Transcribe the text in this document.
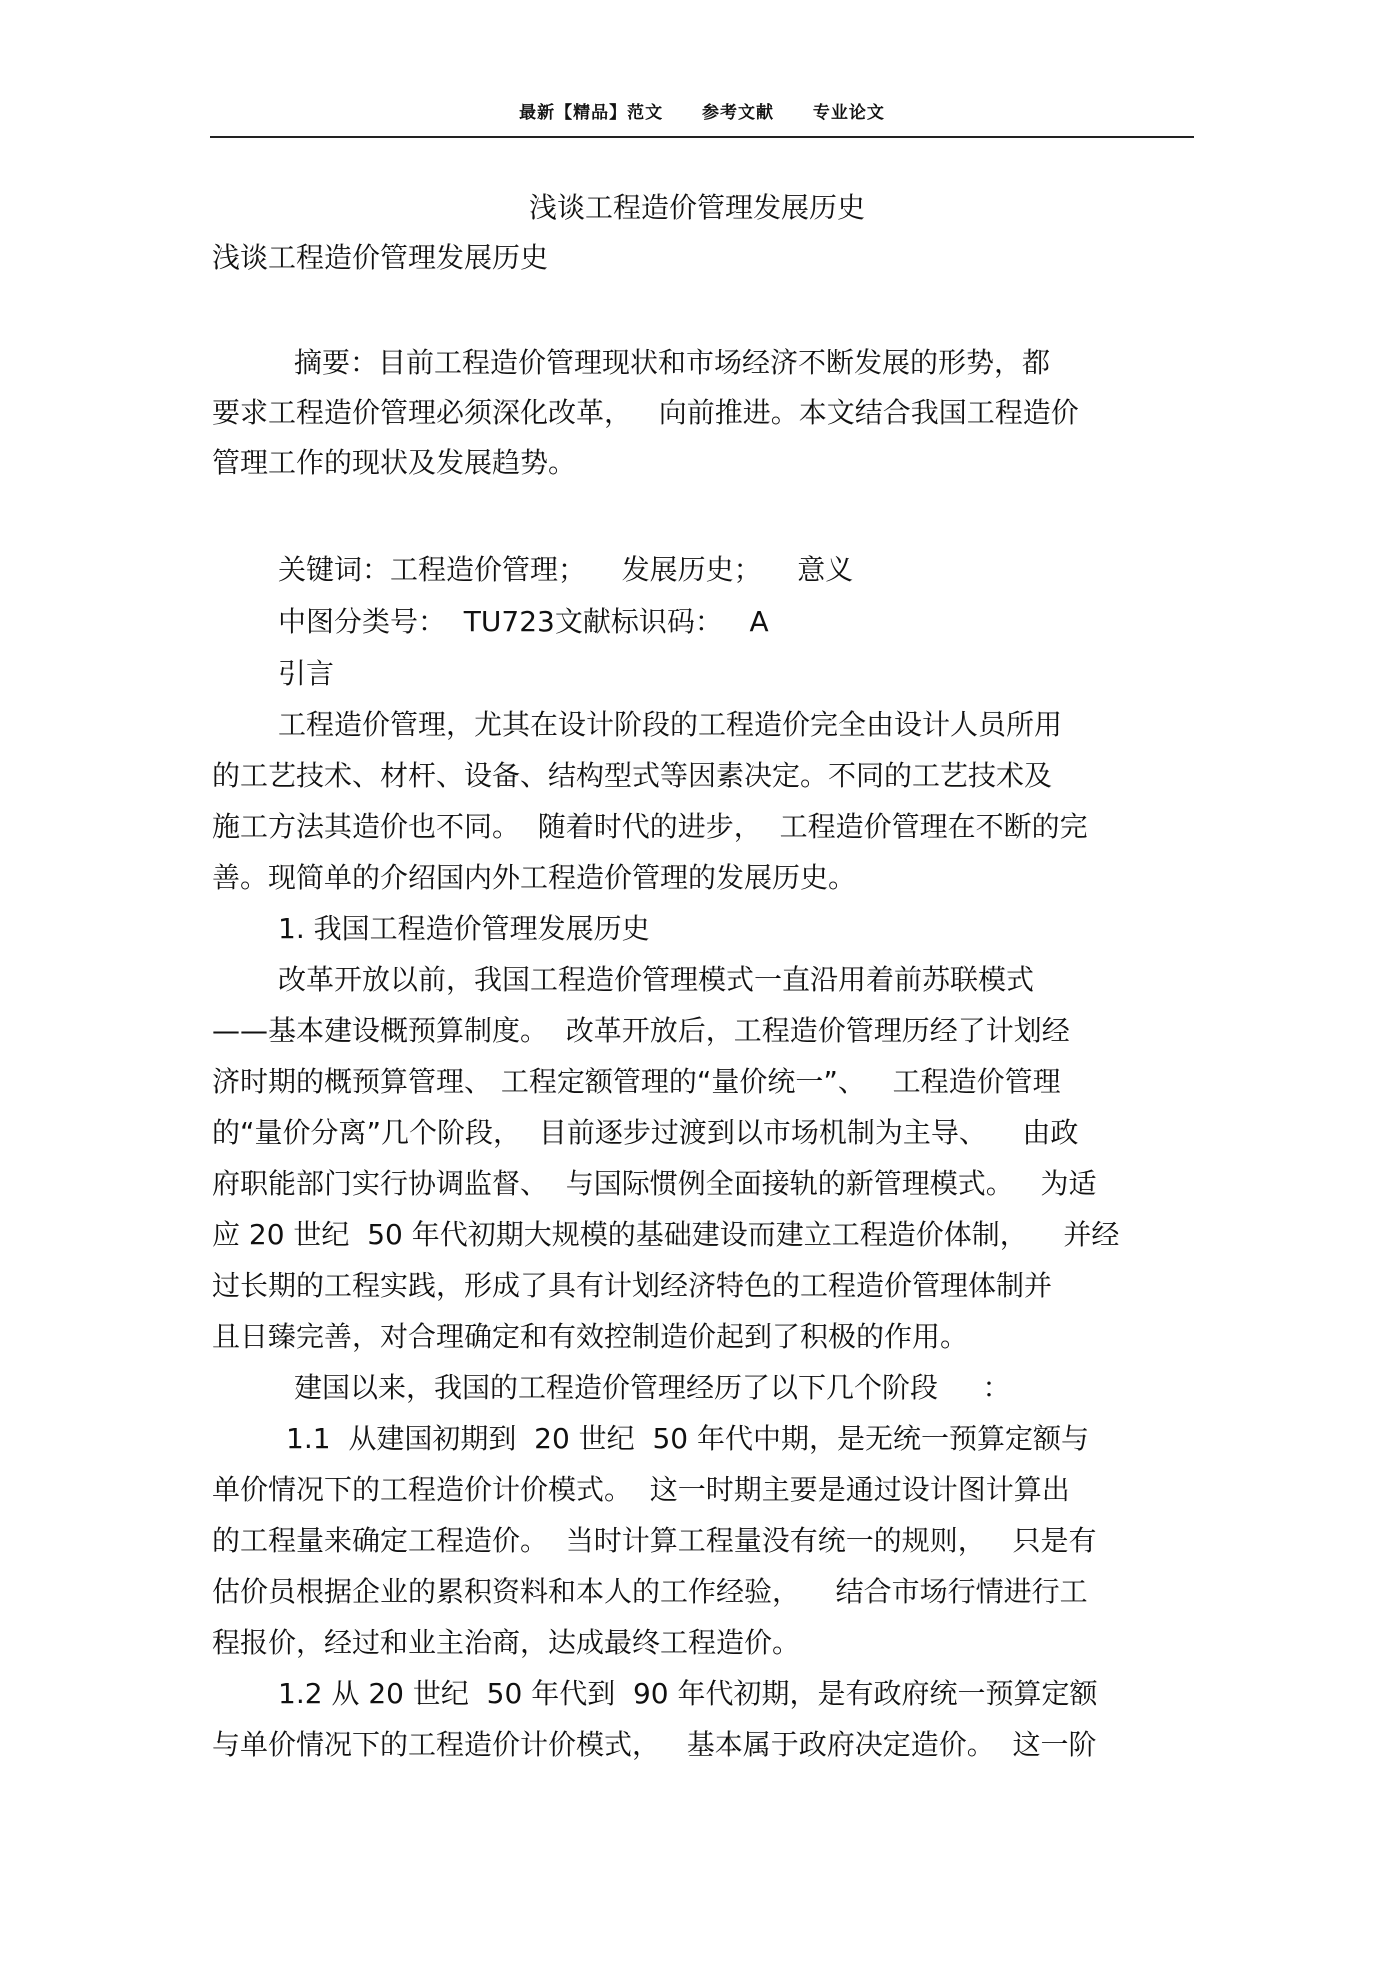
最新【精品】范文 参考文献 专业论文
浅谈工程造价管理发展历史
浅谈工程造价管理发展历史
摘要：目前工程造价管理现状和市场经济不断发展的形势，都
要求工程造价管理必须深化改革，   向前推进。本文结合我国工程造价
管理工作的现状及发展趋势。
关键词：工程造价管理；    发展历史；    意义
中图分类号：  TU723文献标识码：   A
引言
工程造价管理，尤其在设计阶段的工程造价完全由设计人员所用
的工艺技术、材杆、设备、结构型式等因素决定。不同的工艺技术及
施工方法其造价也不同。  随着时代的进步，  工程造价管理在不断的完
善。现简单的介绍国内外工程造价管理的发展历史。
1. 我国工程造价管理发展历史
改革开放以前，我国工程造价管理模式一直沿用着前苏联模式
——基本建设概预算制度。  改革开放后，工程造价管理历经了计划经
济时期的概预算管理、 工程定额管理的“量价统一”、   工程造价管理
的“量价分离”几个阶段，  目前逐步过渡到以市场机制为主导、    由政
府职能部门实行协调监督、  与国际惯例全面接轨的新管理模式。   为适
应 20 世纪  50 年代初期大规模的基础建设而建立工程造价体制，    并经
过长期的工程实践，形成了具有计划经济特色的工程造价管理体制并
且日臻完善，对合理确定和有效控制造价起到了积极的作用。
建国以来，我国的工程造价管理经历了以下几个阶段     ：
1.1  从建国初期到  20 世纪  50 年代中期，是无统一预算定额与
单价情况下的工程造价计价模式。  这一时期主要是通过设计图计算出
的工程量来确定工程造价。  当时计算工程量没有统一的规则，   只是有
估价员根据企业的累积资料和本人的工作经验，    结合市场行情进行工
程报价，经过和业主治商，达成最终工程造价。
1.2 从 20 世纪  50 年代到  90 年代初期，是有政府统一预算定额
与单价情况下的工程造价计价模式，   基本属于政府决定造价。  这一阶
